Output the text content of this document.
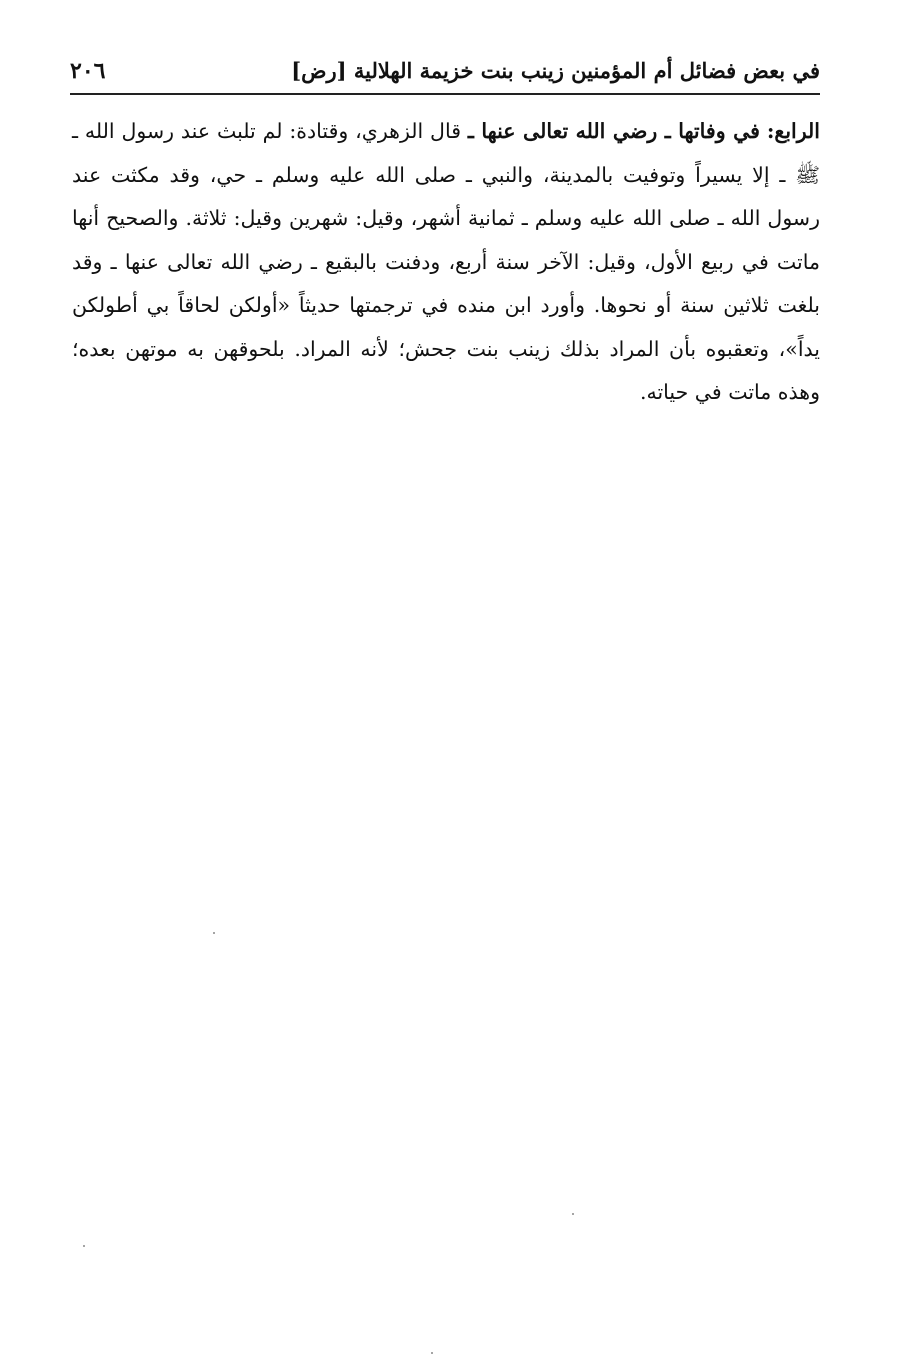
في بعض فضائل أم المؤمنين زينب بنت خزيمة الهلالية [رض]
٢٠٦
الرابع: في وفاتها ـ رضي الله تعالى عنها ـ قال الزهري، وقتادة: لم تلبث عند رسول الله ـ ﷺ ـ إلا يسيراً وتوفيت بالمدينة، والنبي ـ صلى الله عليه وسلم ـ حي، وقد مكثت عند رسول الله ـ صلى الله عليه وسلم ـ ثمانية أشهر، وقيل: شهرين وقيل: ثلاثة. والصحيح أنها ماتت في ربيع الأول، وقيل: الآخر سنة أربع، ودفنت بالبقيع ـ رضي الله تعالى عنها ـ وقد بلغت ثلاثين سنة أو نحوها. وأورد ابن منده في ترجمتها حديثاً «أولكن لحاقاً بي أطولكن يداً»، وتعقبوه بأن المراد بذلك زينب بنت جحش؛ لأنه المراد. بلحوقهن به موتهن بعده؛ وهذه ماتت في حياته.
